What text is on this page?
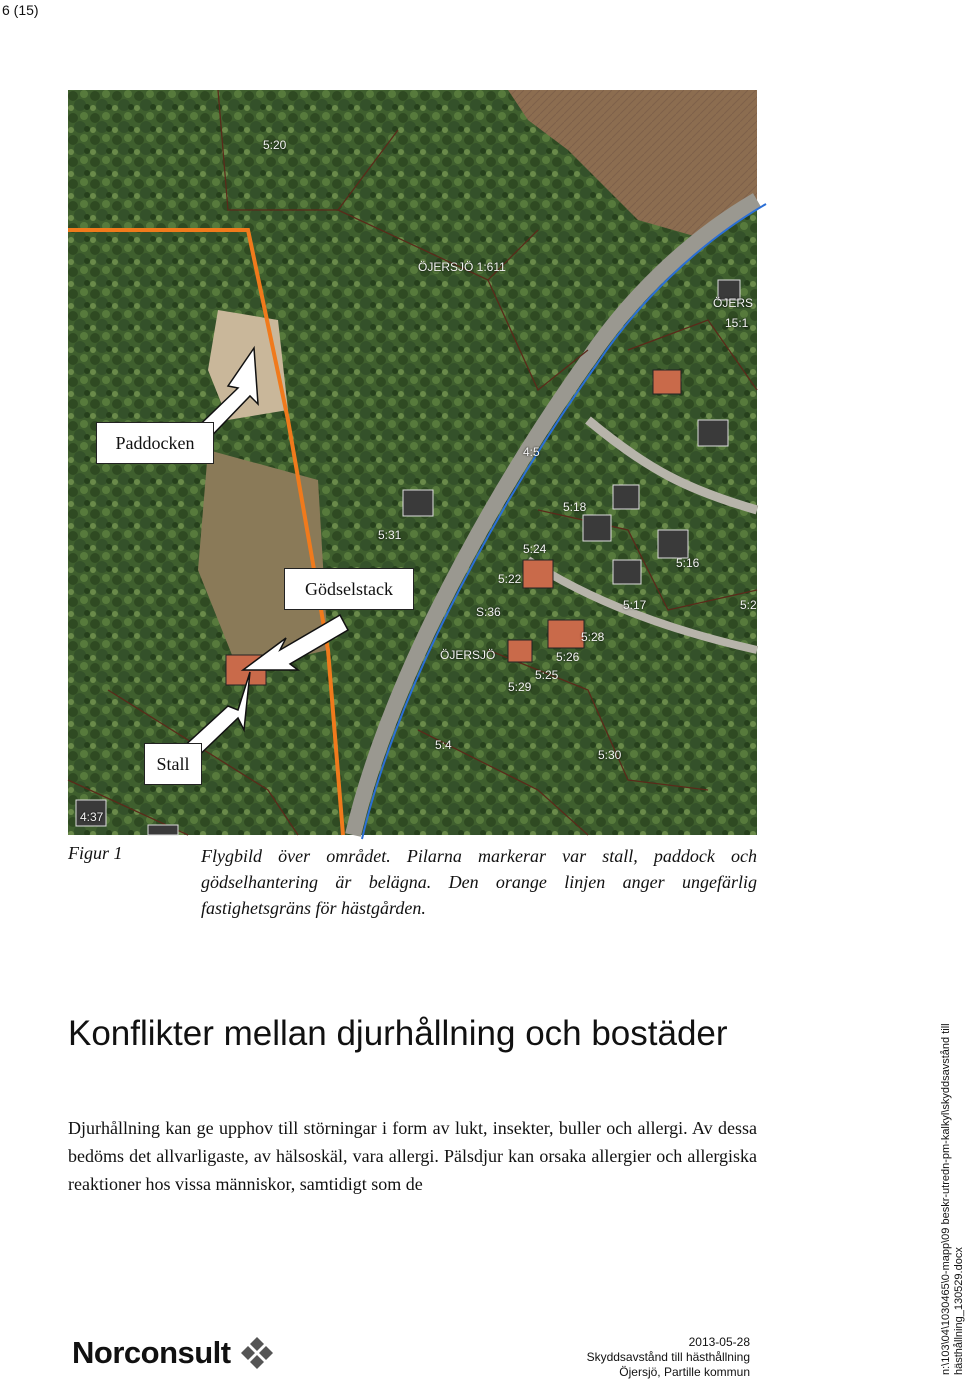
6 (15)
5:20
ÖJERSJÖ 1:611
ÖJERS
15:1
4:5
5:18
5:24
5:22
5:16
S:36	5:17
5:28
5:26
ÖJERSJÖ
5:25
5:29
5:31
5:4
5:30
5:2
4:37
Paddocken
Gödselstack
Stall
Figur 1	Flygbild över området. Pilarna markerar var stall, paddock och gödselhantering är belägna. Den orange linjen anger ungefärlig fastighetsgräns för hästgården.
Konflikter mellan djurhållning och bostäder
Djurhållning kan ge upphov till störningar i form av lukt, insekter, buller och allergi. Av dessa bedöms det allvarligaste, av hälsoskäl, vara allergi. Pälsdjur kan orsaka allergier och allergiska reaktioner hos vissa människor, samtidigt som de
Norconsult	2013-05-28
Skyddsavstånd till hästhållning
Öjersjö, Partille kommun	n:\103\04\1030465\0-mapp\09 beskr-utredn-pm-kalkyl\skyddsavstånd till hästhållning_130529.docx
